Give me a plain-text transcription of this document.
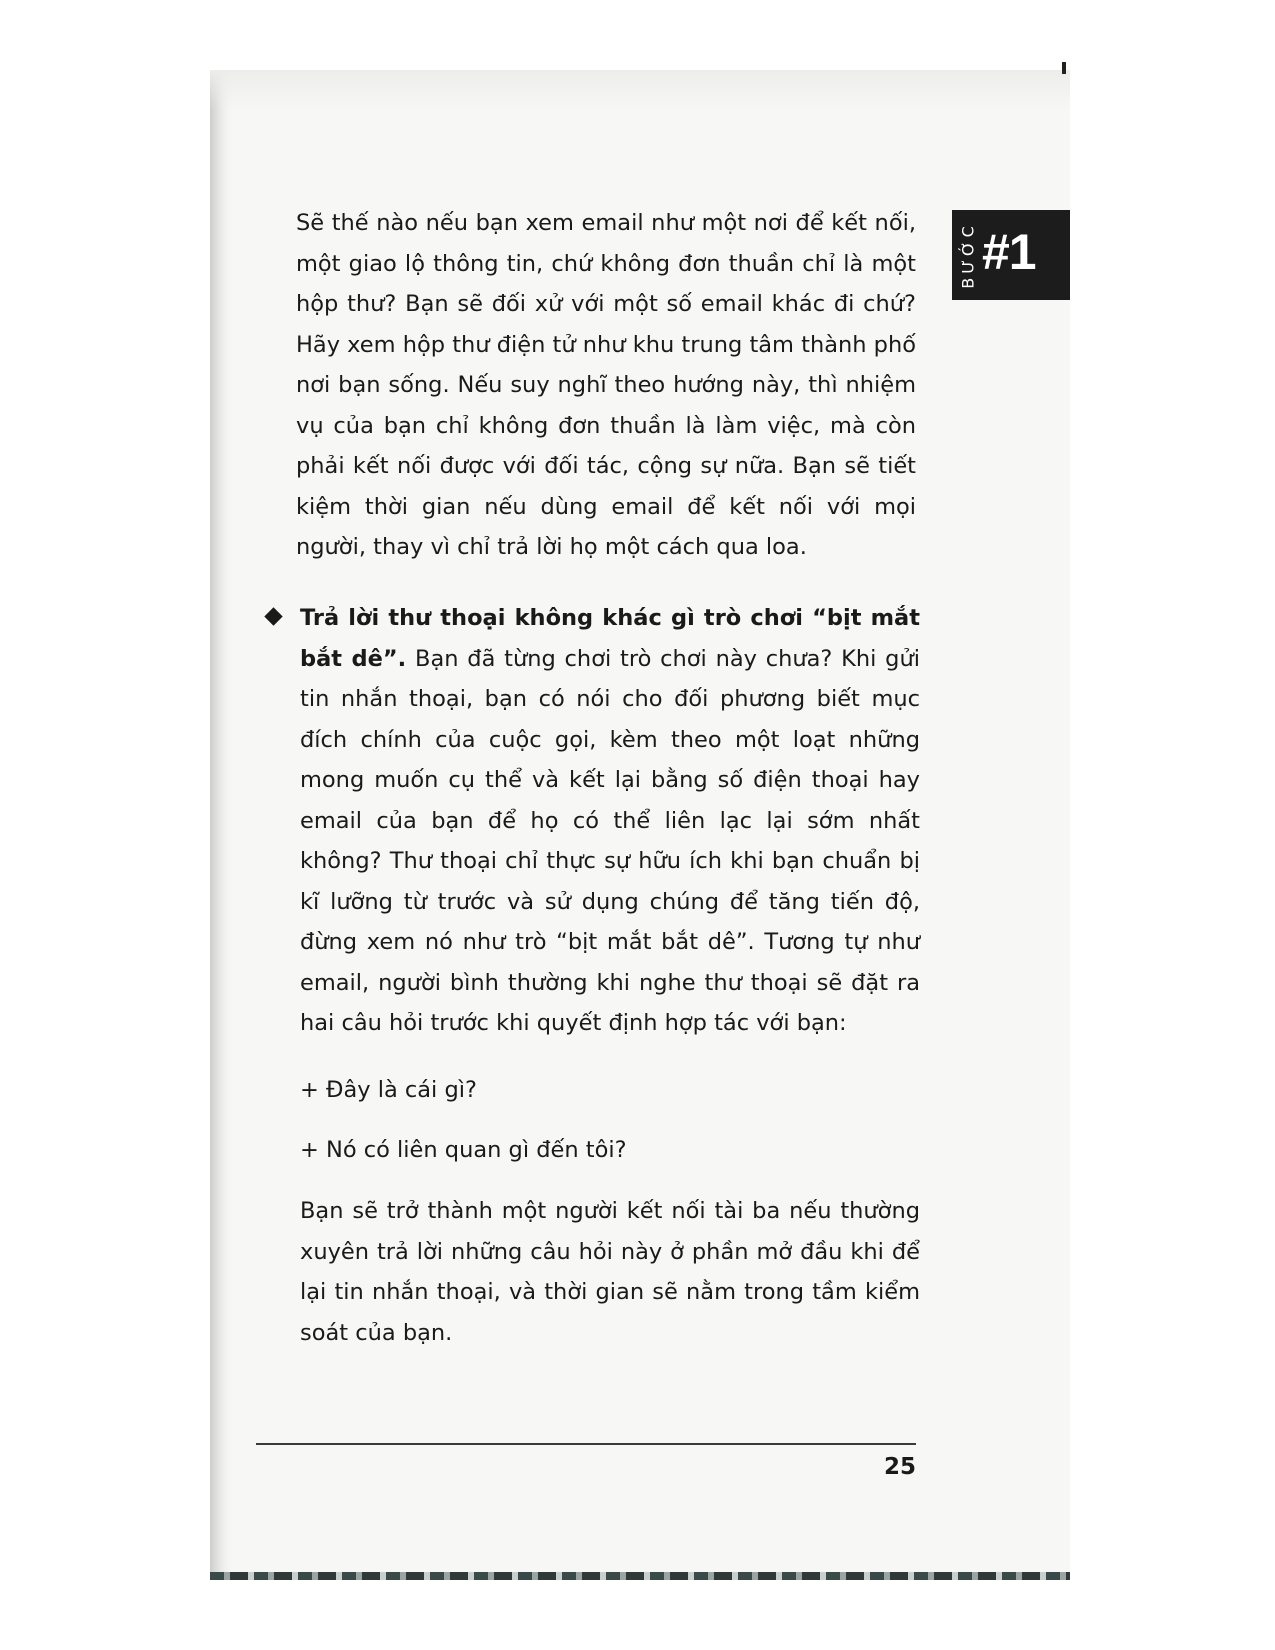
BƯỚC #1
Sẽ thế nào nếu bạn xem email như một nơi để kết nối, một giao lộ thông tin, chứ không đơn thuần chỉ là một hộp thư? Bạn sẽ đối xử với một số email khác đi chứ? Hãy xem hộp thư điện tử như khu trung tâm thành phố nơi bạn sống. Nếu suy nghĩ theo hướng này, thì nhiệm vụ của bạn chỉ không đơn thuần là làm việc, mà còn phải kết nối được với đối tác, cộng sự nữa. Bạn sẽ tiết kiệm thời gian nếu dùng email để kết nối với mọi người, thay vì chỉ trả lời họ một cách qua loa.
Trả lời thư thoại không khác gì trò chơi “bịt mắt bắt dê”. Bạn đã từng chơi trò chơi này chưa? Khi gửi tin nhắn thoại, bạn có nói cho đối phương biết mục đích chính của cuộc gọi, kèm theo một loạt những mong muốn cụ thể và kết lại bằng số điện thoại hay email của bạn để họ có thể liên lạc lại sớm nhất không? Thư thoại chỉ thực sự hữu ích khi bạn chuẩn bị kĩ lưỡng từ trước và sử dụng chúng để tăng tiến độ, đừng xem nó như trò “bịt mắt bắt dê”. Tương tự như email, người bình thường khi nghe thư thoại sẽ đặt ra hai câu hỏi trước khi quyết định hợp tác với bạn:
+ Đây là cái gì?
+ Nó có liên quan gì đến tôi?
Bạn sẽ trở thành một người kết nối tài ba nếu thường xuyên trả lời những câu hỏi này ở phần mở đầu khi để lại tin nhắn thoại, và thời gian sẽ nằm trong tầm kiểm soát của bạn.
25
